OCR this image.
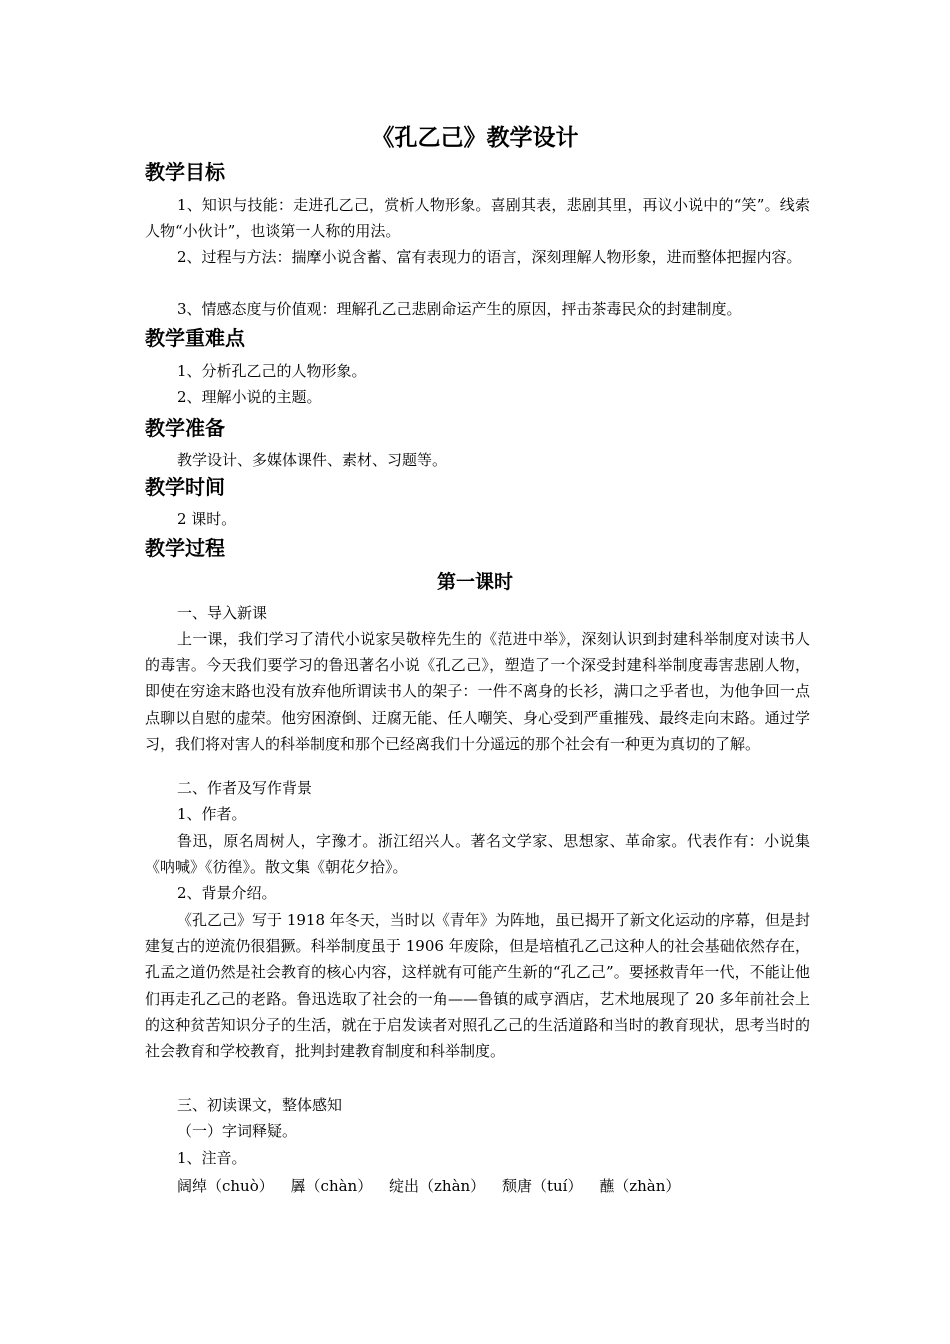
《孔乙己》教学设计
教学目标

1、知识与技能：走进孔乙己，赏析人物形象。喜剧其表，悲剧其里，再议小说中的“笑”。线索人物“小伙计”，也谈第一人称的用法。

2、过程与方法：揣摩小说含蓄、富有表现力的语言，深刻理解人物形象，进而整体把握内容。

3、情感态度与价值观：理解孔乙己悲剧命运产生的原因，抨击茶毒民众的封建制度。

教学重难点

1、分析孔乙己的人物形象。

2、理解小说的主题。

教学准备

教学设计、多媒体课件、素材、习题等。

教学时间

2 课时。

教学过程
第一课时

一、导入新课

上一课，我们学习了清代小说家吴敬梓先生的《范进中举》，深刻认识到封建科举制度对读书人的毒害。今天我们要学习的鲁迅著名小说《孔乙己》，塑造了一个深受封建科举制度毒害悲剧人物，即使在穷途末路也没有放弃他所谓读书人的架子：一件不离身的长衫，满口之乎者也，为他争回一点点聊以自慰的虚荣。他穷困潦倒、迂腐无能、任人嘲笑、身心受到严重摧残、最终走向末路。通过学习，我们将对害人的科举制度和那个已经离我们十分遥远的那个社会有一种更为真切的了解。

二、作者及写作背景

1、作者。

鲁迅，原名周树人，字豫才。浙江绍兴人。著名文学家、思想家、革命家。代表作有：小说集《呐喊》《彷徨》。散文集《朝花夕拾》。

2、背景介绍。

《孔乙己》写于 1918 年冬天，当时以《青年》为阵地，虽已揭开了新文化运动的序幕，但是封建复古的逆流仍很猖獗。科举制度虽于 1906 年废除，但是培植孔乙己这种人的社会基础依然存在，孔孟之道仍然是社会教育的核心内容，这样就有可能产生新的“孔乙己”。要拯救青年一代，不能让他们再走孔乙己的老路。鲁迅选取了社会的一角——鲁镇的咸亨酒店，艺术地展现了 20 多年前社会上的这种贫苦知识分子的生活，就在于启发读者对照孔乙己的生活道路和当时的教育现状，思考当时的社会教育和学校教育，批判封建教育制度和科举制度。

三、初读课文，整体感知

（一）字词释疑。

1、注音。

阔绰（chuò） 羼（chàn） 绽出（zhàn） 颓唐（tuí） 蘸（zhàn）
